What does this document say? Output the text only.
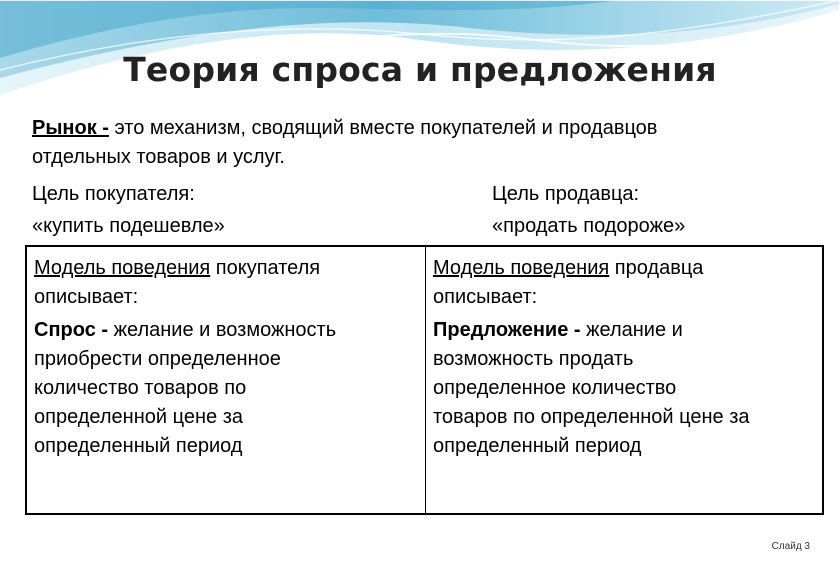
Теория спроса и предложения
Рынок - это механизм, сводящий вместе покупателей и продавцов
отдельных товаров и услуг.
Цель покупателя:
«купить подешевле»
Цель продавца:
«продать подороже»

Модель поведения покупателя

описывает:

Спрос - желание и возможность

приобрести определенное

количество товаров по

определенной цене за

определенный период

Модель поведения продавца

описывает:

Предложение - желание и

возможность продать

определенное количество

товаров по определенной цене за

определенный период

Слайд 3
